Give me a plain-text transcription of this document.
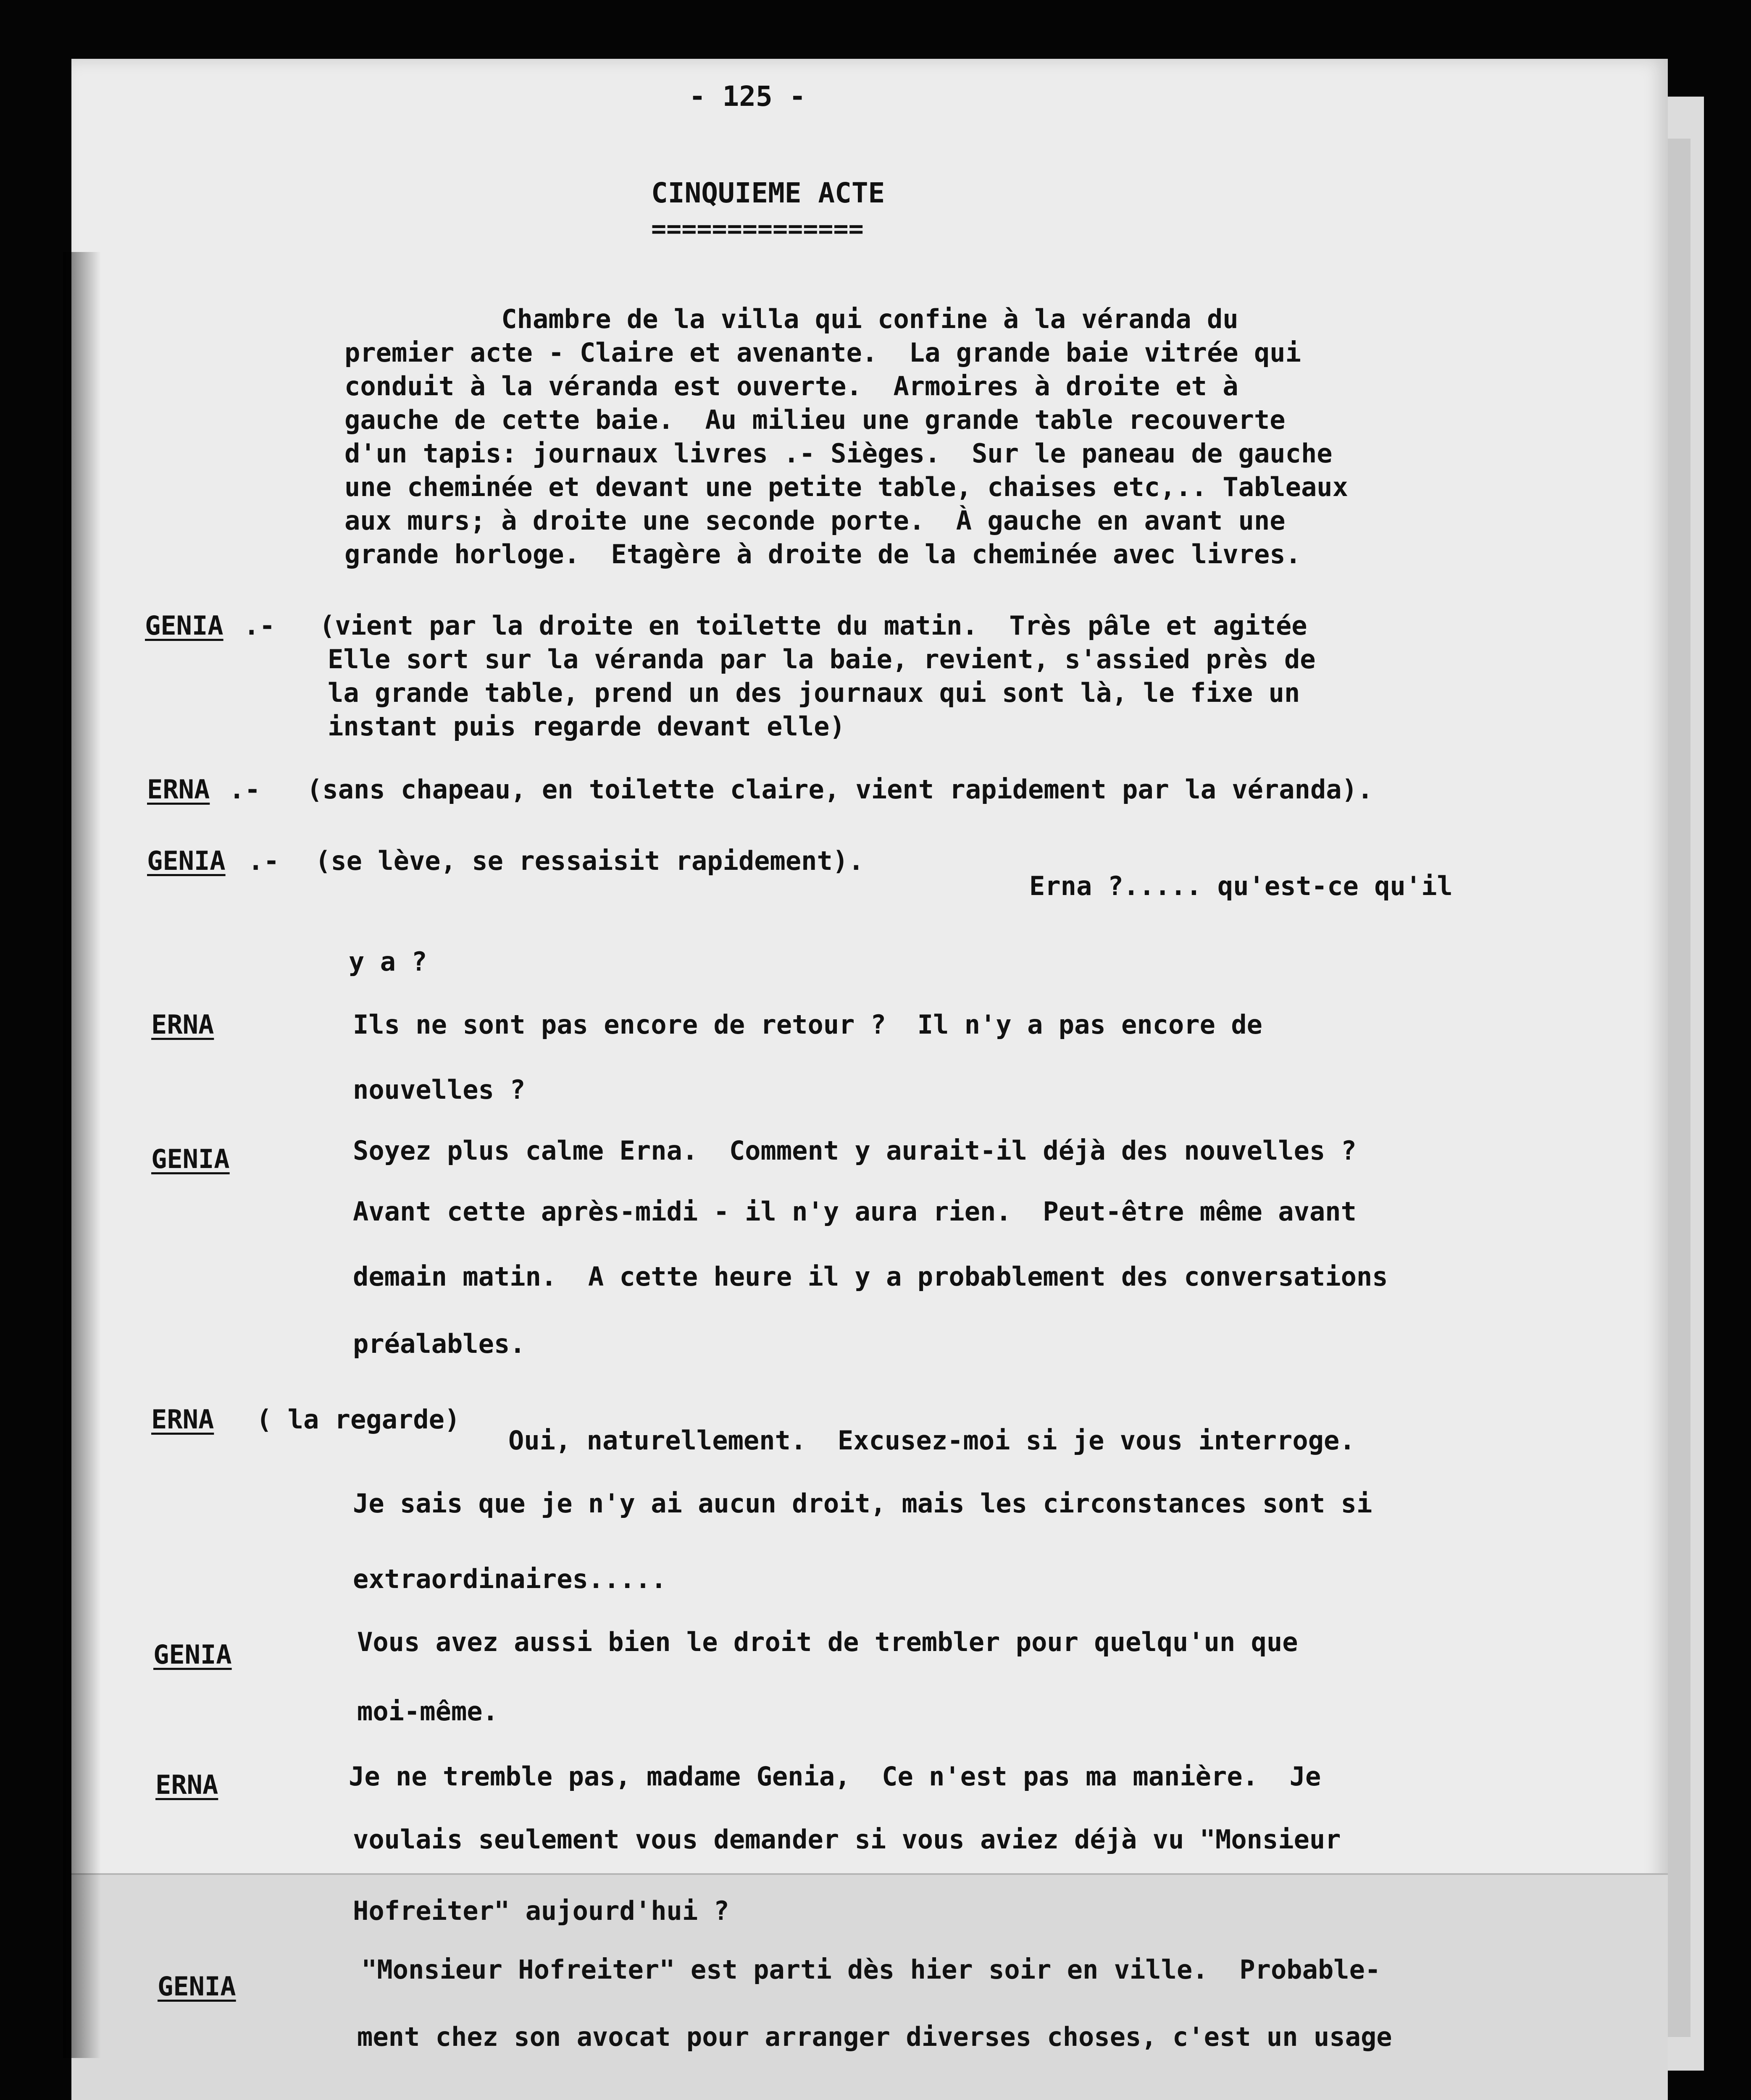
- 125 -
CINQUIEME ACTE
==============
Chambre de la villa qui confine à la véranda du
premier acte - Claire et avenante.  La grande baie vitrée qui
conduit à la véranda est ouverte.  Armoires à droite et à
gauche de cette baie.  Au milieu une grande table recouverte
d'un tapis: journaux livres .- Sièges.  Sur le paneau de gauche
une cheminée et devant une petite table, chaises etc,.. Tableaux
aux murs; à droite une seconde porte.  À gauche en avant une
grande horloge.  Etagère à droite de la cheminée avec livres.
GENIA .- (vient par la droite en toilette du matin.  Très pâle et agitée
Elle sort sur la véranda par la baie, revient, s'assied près de
la grande table, prend un des journaux qui sont là, le fixe un
instant puis regarde devant elle)
ERNA .- (sans chapeau, en toilette claire, vient rapidement par la véranda).
GENIA .- (se lève, se ressaisit rapidement).
Erna ?..... qu'est-ce qu'il
y a ?
ERNA	Ils ne sont pas encore de retour ?  Il n'y a pas encore de
nouvelles ?
GENIA	Soyez plus calme Erna.  Comment y aurait-il déjà des nouvelles ?
Avant cette après-midi - il n'y aura rien.  Peut-être même avant
demain matin.  A cette heure il y a probablement des conversations
préalables.
ERNA ( la regarde)
Oui, naturellement.  Excusez-moi si je vous interroge.
Je sais que je n'y ai aucun droit, mais les circonstances sont si
extraordinaires.....
GENIA	Vous avez aussi bien le droit de trembler pour quelqu'un que
moi-même.
ERNA	Je ne tremble pas, madame Genia,  Ce n'est pas ma manière.  Je
voulais seulement vous demander si vous aviez déjà vu "Monsieur
Hofreiter" aujourd'hui ?
GENIA
"Monsieur Hofreiter" est parti dès hier soir en ville.  Probable-
ment chez son avocat pour arranger diverses choses, c'est un usage
